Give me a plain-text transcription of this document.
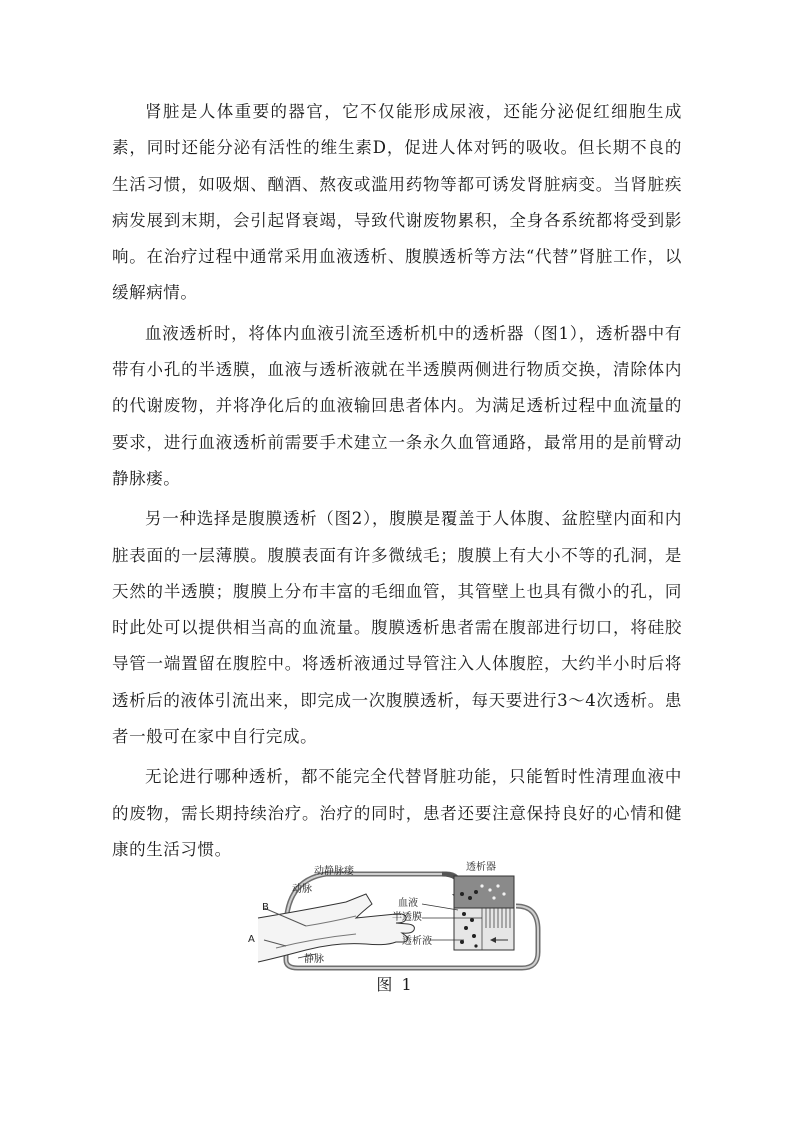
肾脏是人体重要的器官，它不仅能形成尿液，还能分泌促红细胞生成素，同时还能分泌有活性的维生素D，促进人体对钙的吸收。但长期不良的生活习惯，如吸烟、酗酒、熬夜或滥用药物等都可诱发肾脏病变。当肾脏疾病发展到末期，会引起肾衰竭，导致代谢废物累积，全身各系统都将受到影响。在治疗过程中通常采用血液透析、腹膜透析等方法“代替”肾脏工作，以缓解病情。

血液透析时，将体内血液引流至透析机中的透析器（图1），透析器中有带有小孔的半透膜，血液与透析液就在半透膜两侧进行物质交换，清除体内的代谢废物，并将净化后的血液输回患者体内。为满足透析过程中血流量的要求，进行血液透析前需要手术建立一条永久血管通路，最常用的是前臂动静脉瘘。

另一种选择是腹膜透析（图2），腹膜是覆盖于人体腹、盆腔壁内面和内脏表面的一层薄膜。腹膜表面有许多微绒毛；腹膜上有大小不等的孔洞，是天然的半透膜；腹膜上分布丰富的毛细血管，其管壁上也具有微小的孔，同时此处可以提供相当高的血流量。腹膜透析患者需在腹部进行切口，将硅胶导管一端置留在腹腔中。将透析液通过导管注入人体腹腔，大约半小时后将透析后的液体引流出来，即完成一次腹膜透析，每天要进行3～4次透析。患者一般可在家中自行完成。

无论进行哪种透析，都不能完全代替肾脏功能，只能暂时性清理血液中的废物，需长期持续治疗。治疗的同时，患者还要注意保持良好的心情和健康的生活习惯。

动静脉瘘
动脉
B
A
静脉
透析器
血液
半透膜
透析液
图 1
